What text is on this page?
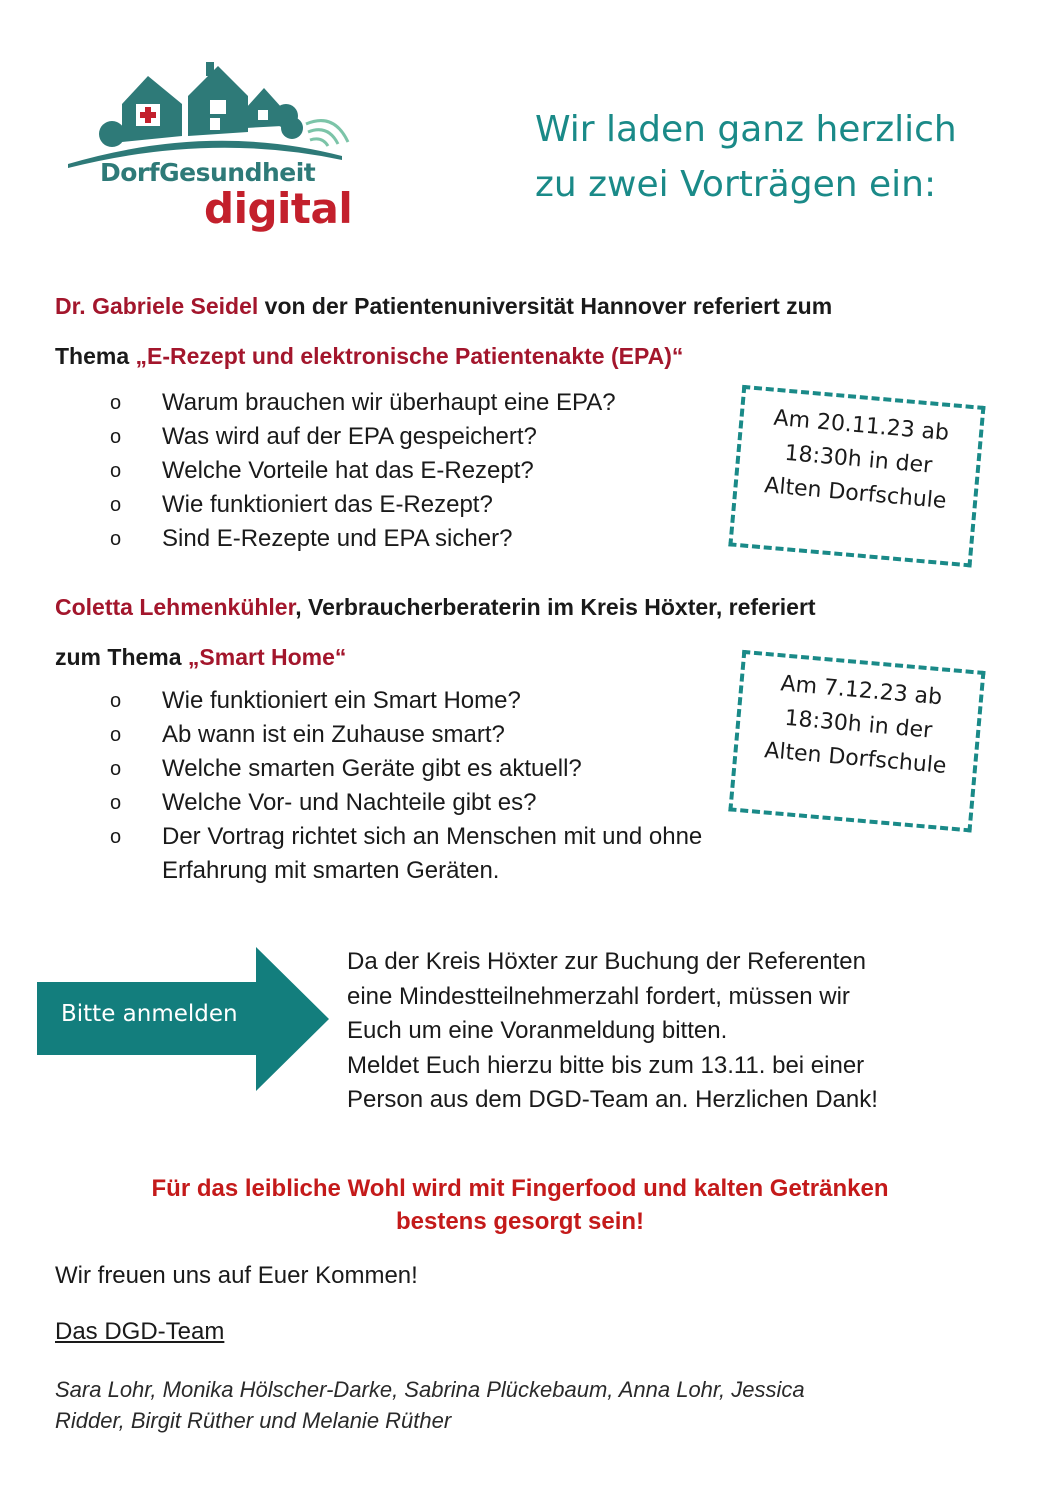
DorfGesundheit
digital
Wir laden ganz herzlich
zu zwei Vorträgen ein:
Dr. Gabriele Seidel von der Patientenuniversität Hannover referiert zum
Thema „E-Rezept und elektronische Patientenakte (EPA)“
o Warum brauchen wir überhaupt eine EPA?
o Was wird auf der EPA gespeichert?
o Welche Vorteile hat das E-Rezept?
o Wie funktioniert das E-Rezept?
o Sind E-Rezepte und EPA sicher?
Am 20.11.23 ab
18:30h in der
Alten Dorfschule
Coletta Lehmenkühler, Verbraucherberaterin im Kreis Höxter, referiert
zum Thema „Smart Home“
o Wie funktioniert ein Smart Home?
o Ab wann ist ein Zuhause smart?
o Welche smarten Geräte gibt es aktuell?
o Welche Vor- und Nachteile gibt es?
o Der Vortrag richtet sich an Menschen mit und ohne
Erfahrung mit smarten Geräten.
Am 7.12.23 ab
18:30h in der
Alten Dorfschule
Bitte anmelden
Da der Kreis Höxter zur Buchung der Referenten
eine Mindestteilnehmerzahl fordert, müssen wir
Euch um eine Voranmeldung bitten.
Meldet Euch hierzu bitte bis zum 13.11. bei einer
Person aus dem DGD-Team an. Herzlichen Dank!
Für das leibliche Wohl wird mit Fingerfood und kalten Getränken
bestens gesorgt sein!
Wir freuen uns auf Euer Kommen!
Das DGD-Team
Sara Lohr, Monika Hölscher-Darke, Sabrina Plückebaum, Anna Lohr, Jessica
Ridder, Birgit Rüther und Melanie Rüther
